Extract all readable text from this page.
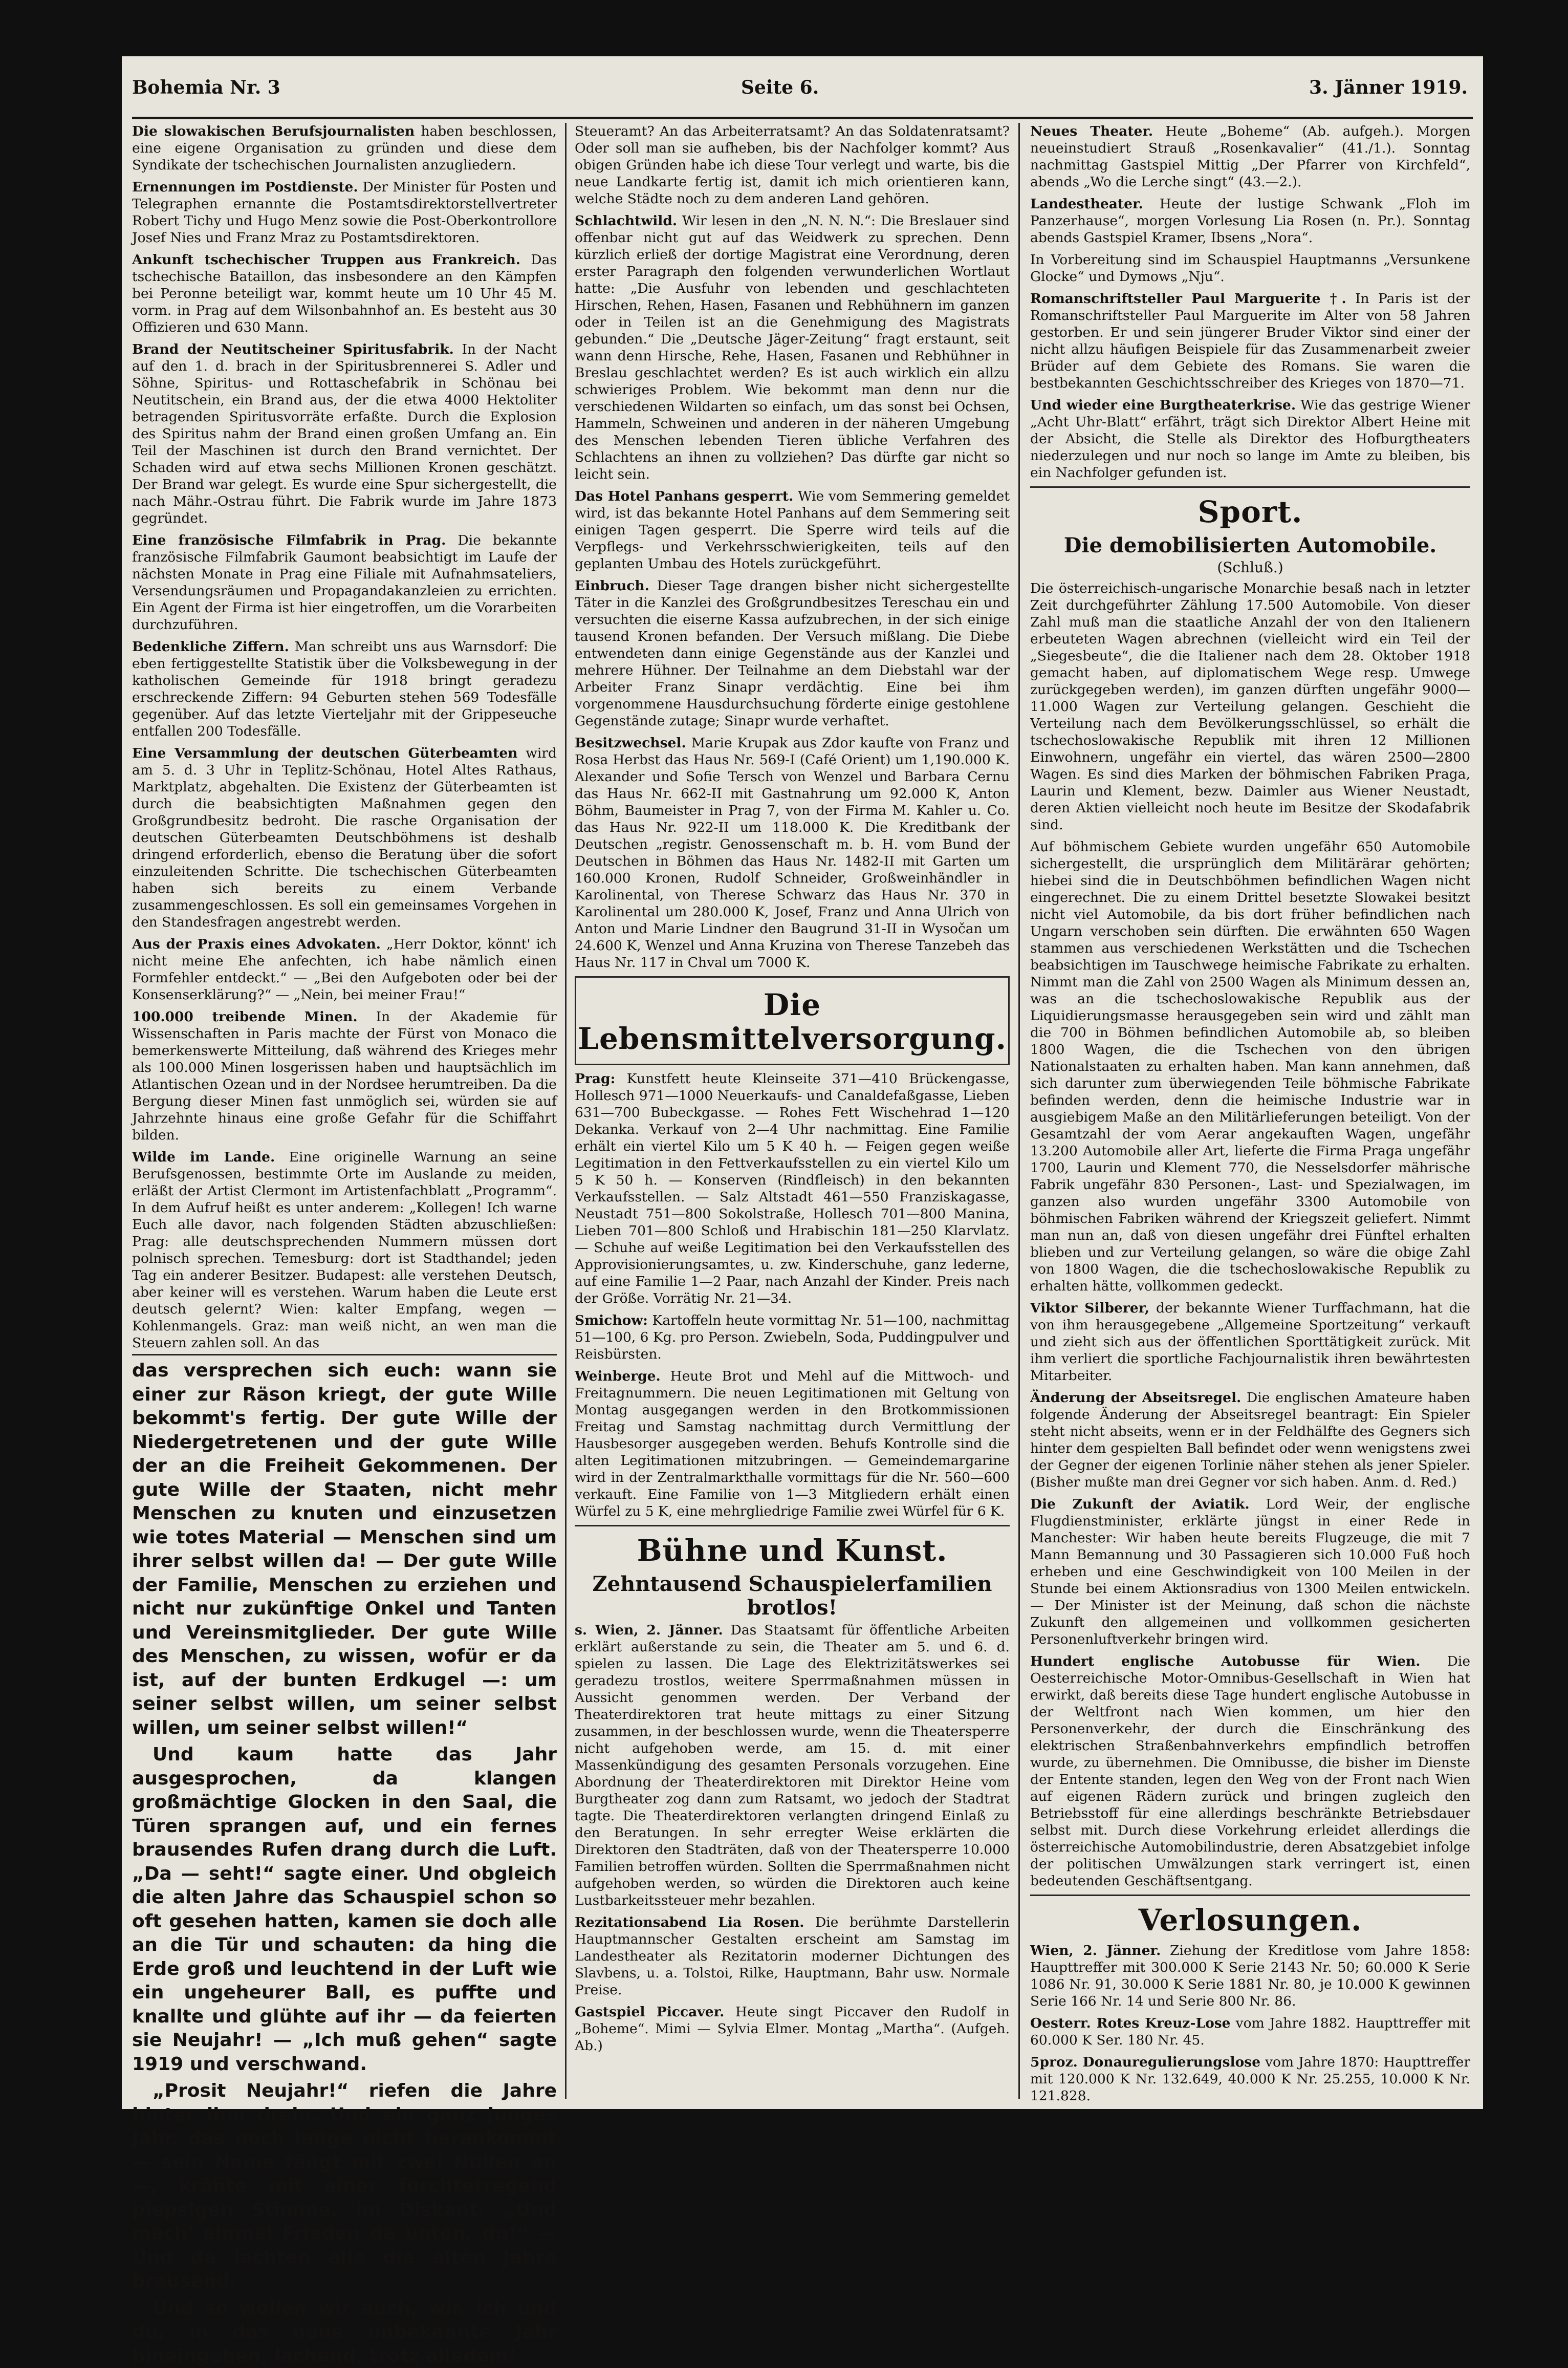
Bohemia Nr. 3	Seite 6.	3. Jänner 1919.

Die slowakischen Berufsjournalisten haben beschlossen, eine eigene Organisation zu gründen und diese dem Syndikate der tschechischen Journalisten anzugliedern.

Ernennungen im Postdienste. Der Minister für Posten und Telegraphen ernannte die Postamtsdirektorstellvertreter Robert Tichy und Hugo Menz sowie die Post-Oberkontrollore Josef Nies und Franz Mraz zu Postamtsdirektoren.

Ankunft tschechischer Truppen aus Frankreich. Das tschechische Bataillon, das insbesondere an den Kämpfen bei Peronne beteiligt war, kommt heute um 10 Uhr 45 M. vorm. in Prag auf dem Wilsonbahnhof an. Es besteht aus 30 Offizieren und 630 Mann.

Brand der Neutitscheiner Spiritusfabrik. In der Nacht auf den 1. d. brach in der Spiritusbrennerei S. Adler und Söhne, Spiritus- und Rottaschefabrik in Schönau bei Neutitschein, ein Brand aus, der die etwa 4000 Hektoliter betragenden Spiritusvorräte erfaßte. Durch die Explosion des Spiritus nahm der Brand einen großen Umfang an. Ein Teil der Maschinen ist durch den Brand vernichtet. Der Schaden wird auf etwa sechs Millionen Kronen geschätzt. Der Brand war gelegt. Es wurde eine Spur sichergestellt, die nach Mähr.-Ostrau führt. Die Fabrik wurde im Jahre 1873 gegründet.

Eine französische Filmfabrik in Prag. Die bekannte französische Filmfabrik Gaumont beabsichtigt im Laufe der nächsten Monate in Prag eine Filiale mit Aufnahmsateliers, Versendungsräumen und Propagandakanzleien zu errichten. Ein Agent der Firma ist hier eingetroffen, um die Vorarbeiten durchzuführen.

Bedenkliche Ziffern. Man schreibt uns aus Warnsdorf: Die eben fertiggestellte Statistik über die Volksbewegung in der katholischen Gemeinde für 1918 bringt geradezu erschreckende Ziffern: 94 Geburten stehen 569 Todesfälle gegenüber. Auf das letzte Vierteljahr mit der Grippeseuche entfallen 200 Todesfälle.

Eine Versammlung der deutschen Güterbeamten wird am 5. d. 3 Uhr in Teplitz-Schönau, Hotel Altes Rathaus, Marktplatz, abgehalten. Die Existenz der Güterbeamten ist durch die beabsichtigten Maßnahmen gegen den Großgrundbesitz bedroht. Die rasche Organisation der deutschen Güterbeamten Deutschböhmens ist deshalb dringend erforderlich, ebenso die Beratung über die sofort einzuleitenden Schritte. Die tschechischen Güterbeamten haben sich bereits zu einem Verbande zusammengeschlossen. Es soll ein gemeinsames Vorgehen in den Standesfragen angestrebt werden.

Aus der Praxis eines Advokaten. „Herr Doktor, könnt' ich nicht meine Ehe anfechten, ich habe nämlich einen Formfehler entdeckt.“ — „Bei den Aufgeboten oder bei der Konsenserklärung?“ — „Nein, bei meiner Frau!“

100.000 treibende Minen. In der Akademie für Wissenschaften in Paris machte der Fürst von Monaco die bemerkenswerte Mitteilung, daß während des Krieges mehr als 100.000 Minen losgerissen haben und hauptsächlich im Atlantischen Ozean und in der Nordsee herumtreiben. Da die Bergung dieser Minen fast unmöglich sei, würden sie auf Jahrzehnte hinaus eine große Gefahr für die Schiffahrt bilden.

Wilde im Lande. Eine originelle Warnung an seine Berufsgenossen, bestimmte Orte im Auslande zu meiden, erläßt der Artist Clermont im Artistenfachblatt „Programm“. In dem Aufruf heißt es unter anderem: „Kollegen! Ich warne Euch alle davor, nach folgenden Städten abzuschließen: Prag: alle deutschsprechenden Nummern müssen dort polnisch sprechen. Temesburg: dort ist Stadthandel; jeden Tag ein anderer Besitzer. Budapest: alle verstehen Deutsch, aber keiner will es verstehen. Warum haben die Leute erst deutsch gelernt? Wien: kalter Empfang, wegen — Kohlenmangels. Graz: man weiß nicht, an wen man die Steuern zahlen soll. An das

das versprechen sich euch: wann sie einer zur Räson kriegt, der gute Wille bekommt's fertig. Der gute Wille der Niedergetretenen und der gute Wille der an die Freiheit Gekommenen. Der gute Wille der Staaten, nicht mehr Menschen zu knuten und einzusetzen wie totes Material — Menschen sind um ihrer selbst willen da! — Der gute Wille der Familie, Menschen zu erziehen und nicht nur zukünftige Onkel und Tanten und Vereinsmitglieder. Der gute Wille des Menschen, zu wissen, wofür er da ist, auf der bunten Erdkugel —: um seiner selbst willen, um seiner selbst willen, um seiner selbst willen!“

Und kaum hatte das Jahr ausgesprochen, da klangen großmächtige Glocken in den Saal, die Türen sprangen auf, und ein fernes brausendes Rufen drang durch die Luft. „Da — seht!“ sagte einer. Und obgleich die alten Jahre das Schauspiel schon so oft gesehen hatten, kamen sie doch alle an die Tür und schauten: da hing die Erde groß und leuchtend in der Luft wie ein ungeheurer Ball, es puffte und knallte und glühte auf ihr — da feierten sie Neujahr! — „Ich muß gehen“ sagte 1919 und verschwand.

„Prosit Neujahr!“ riefen die Jahre hinter ihm drein. Und ein ganz junges Jahr, das noch lange nicht herankommt — sein Name fängt mit zwei Nullen an —, krähte mit einer furchterregend piepsigen Stimme, im Diskant: „Und mach' einmal Frieden da unten, du!“ — Und da lachten alle die alten Jahre brausend.

Und so wollen wir auch, wir, ich und du, in das neue unbekannte Jahr hineingehen, lachend, trotz alledem!

Steueramt? An das Arbeiterratsamt? An das Soldatenratsamt? Oder soll man sie aufheben, bis der Nachfolger kommt? Aus obigen Gründen habe ich diese Tour verlegt und warte, bis die neue Landkarte fertig ist, damit ich mich orientieren kann, welche Städte noch zu dem anderen Land gehören.

Schlachtwild. Wir lesen in den „N. N. N.“: Die Breslauer sind offenbar nicht gut auf das Weidwerk zu sprechen. Denn kürzlich erließ der dortige Magistrat eine Verordnung, deren erster Paragraph den folgenden verwunderlichen Wortlaut hatte: „Die Ausfuhr von lebenden und geschlachteten Hirschen, Rehen, Hasen, Fasanen und Rebhühnern im ganzen oder in Teilen ist an die Genehmigung des Magistrats gebunden.“ Die „Deutsche Jäger-Zeitung“ fragt erstaunt, seit wann denn Hirsche, Rehe, Hasen, Fasanen und Rebhühner in Breslau geschlachtet werden? Es ist auch wirklich ein allzu schwieriges Problem. Wie bekommt man denn nur die verschiedenen Wildarten so einfach, um das sonst bei Ochsen, Hammeln, Schweinen und anderen in der näheren Umgebung des Menschen lebenden Tieren übliche Verfahren des Schlachtens an ihnen zu vollziehen? Das dürfte gar nicht so leicht sein.

Das Hotel Panhans gesperrt. Wie vom Semmering gemeldet wird, ist das bekannte Hotel Panhans auf dem Semmering seit einigen Tagen gesperrt. Die Sperre wird teils auf die Verpflegs- und Verkehrsschwierigkeiten, teils auf den geplanten Umbau des Hotels zurückgeführt.

Einbruch. Dieser Tage drangen bisher nicht sichergestellte Täter in die Kanzlei des Großgrundbesitzes Tereschau ein und versuchten die eiserne Kassa aufzubrechen, in der sich einige tausend Kronen befanden. Der Versuch mißlang. Die Diebe entwendeten dann einige Gegenstände aus der Kanzlei und mehrere Hühner. Der Teilnahme an dem Diebstahl war der Arbeiter Franz Sinapr verdächtig. Eine bei ihm vorgenommene Hausdurchsuchung förderte einige gestohlene Gegenstände zutage; Sinapr wurde verhaftet.

Besitzwechsel. Marie Krupak aus Zdor kaufte von Franz und Rosa Herbst das Haus Nr. 569-I (Café Orient) um 1,190.000 K. Alexander und Sofie Tersch von Wenzel und Barbara Cernu das Haus Nr. 662-II mit Gastnahrung um 92.000 K, Anton Böhm, Baumeister in Prag 7, von der Firma M. Kahler u. Co. das Haus Nr. 922-II um 118.000 K. Die Kreditbank der Deutschen „registr. Genossenschaft m. b. H. vom Bund der Deutschen in Böhmen das Haus Nr. 1482-II mit Garten um 160.000 Kronen, Rudolf Schneider, Großweinhändler in Karolinental, von Therese Schwarz das Haus Nr. 370 in Karolinental um 280.000 K, Josef, Franz und Anna Ulrich von Anton und Marie Lindner den Baugrund 31-II in Wysočan um 24.600 K, Wenzel und Anna Kruzina von Therese Tanzebeh das Haus Nr. 117 in Chval um 7000 K.

Die Lebensmittelversorgung.

Prag: Kunstfett heute Kleinseite 371—410 Brückengasse, Hollesch 971—1000 Neuerkaufs- und Canaldefaßgasse, Lieben 631—700 Bubeckgasse. — Rohes Fett Wischehrad 1—120 Dekanka. Verkauf von 2—4 Uhr nachmittag. Eine Familie erhält ein viertel Kilo um 5 K 40 h. — Feigen gegen weiße Legitimation in den Fettverkaufsstellen zu ein viertel Kilo um 5 K 50 h. — Konserven (Rindfleisch) in den bekannten Verkaufsstellen. — Salz Altstadt 461—550 Franziskagasse, Neustadt 751—800 Sokolstraße, Hollesch 701—800 Manina, Lieben 701—800 Schloß und Hrabischin 181—250 Klarvlatz. — Schuhe auf weiße Legitimation bei den Verkaufsstellen des Approvisionierungsamtes, u. zw. Kinderschuhe, ganz lederne, auf eine Familie 1—2 Paar, nach Anzahl der Kinder. Preis nach der Größe. Vorrätig Nr. 21—34.

Smichow: Kartoffeln heute vormittag Nr. 51—100, nachmittag 51—100, 6 Kg. pro Person. Zwiebeln, Soda, Puddingpulver und Reisbürsten.

Weinberge. Heute Brot und Mehl auf die Mittwoch- und Freitagnummern. Die neuen Legitimationen mit Geltung von Montag ausgegangen werden in den Brotkommissionen Freitag und Samstag nachmittag durch Vermittlung der Hausbesorger ausgegeben werden. Behufs Kontrolle sind die alten Legitimationen mitzubringen. — Gemeindemargarine wird in der Zentralmarkthalle vormittags für die Nr. 560—600 verkauft. Eine Familie von 1—3 Mitgliedern erhält einen Würfel zu 5 K, eine mehrgliedrige Familie zwei Würfel für 6 K.

Bühne und Kunst.
Zehntausend Schauspielerfamilien brotlos!

s. Wien, 2. Jänner. Das Staatsamt für öffentliche Arbeiten erklärt außerstande zu sein, die Theater am 5. und 6. d. spielen zu lassen. Die Lage des Elektrizitätswerkes sei geradezu trostlos, weitere Sperrmaßnahmen müssen in Aussicht genommen werden. Der Verband der Theaterdirektoren trat heute mittags zu einer Sitzung zusammen, in der beschlossen wurde, wenn die Theatersperre nicht aufgehoben werde, am 15. d. mit einer Massenkündigung des gesamten Personals vorzugehen. Eine Abordnung der Theaterdirektoren mit Direktor Heine vom Burgtheater zog dann zum Ratsamt, wo jedoch der Stadtrat tagte. Die Theaterdirektoren verlangten dringend Einlaß zu den Beratungen. In sehr erregter Weise erklärten die Direktoren den Stadträten, daß von der Theatersperre 10.000 Familien betroffen würden. Sollten die Sperrmaßnahmen nicht aufgehoben werden, so würden die Direktoren auch keine Lustbarkeitssteuer mehr bezahlen.

Rezitationsabend Lia Rosen. Die berühmte Darstellerin Hauptmannscher Gestalten erscheint am Samstag im Landestheater als Rezitatorin moderner Dichtungen des Slavbens, u. a. Tolstoi, Rilke, Hauptmann, Bahr usw. Normale Preise.

Gastspiel Piccaver. Heute singt Piccaver den Rudolf in „Boheme“. Mimi — Sylvia Elmer. Montag „Martha“. (Aufgeh. Ab.)

Neues Theater. Heute „Boheme“ (Ab. aufgeh.). Morgen neueinstudiert Strauß „Rosenkavalier“ (41./1.). Sonntag nachmittag Gastspiel Mittig „Der Pfarrer von Kirchfeld“, abends „Wo die Lerche singt“ (43.—2.).

Landestheater. Heute der lustige Schwank „Floh im Panzerhause“, morgen Vorlesung Lia Rosen (n. Pr.). Sonntag abends Gastspiel Kramer, Ibsens „Nora“.

In Vorbereitung sind im Schauspiel Hauptmanns „Versunkene Glocke“ und Dymows „Nju“.

Romanschriftsteller Paul Marguerite †. In Paris ist der Romanschriftsteller Paul Marguerite im Alter von 58 Jahren gestorben. Er und sein jüngerer Bruder Viktor sind einer der nicht allzu häufigen Beispiele für das Zusammenarbeit zweier Brüder auf dem Gebiete des Romans. Sie waren die bestbekannten Geschichtsschreiber des Krieges von 1870—71.

Und wieder eine Burgtheaterkrise. Wie das gestrige Wiener „Acht Uhr-Blatt“ erfährt, trägt sich Direktor Albert Heine mit der Absicht, die Stelle als Direktor des Hofburgtheaters niederzulegen und nur noch so lange im Amte zu bleiben, bis ein Nachfolger gefunden ist.

Sport.
Die demobilisierten Automobile.

(Schluß.)

Die österreichisch-ungarische Monarchie besaß nach in letzter Zeit durchgeführter Zählung 17.500 Automobile. Von dieser Zahl muß man die staatliche Anzahl der von den Italienern erbeuteten Wagen abrechnen (vielleicht wird ein Teil der „Siegesbeute“, die die Italiener nach dem 28. Oktober 1918 gemacht haben, auf diplomatischem Wege resp. Umwege zurückgegeben werden), im ganzen dürften ungefähr 9000—11.000 Wagen zur Verteilung gelangen. Geschieht die Verteilung nach dem Bevölkerungsschlüssel, so erhält die tschechoslowakische Republik mit ihren 12 Millionen Einwohnern, ungefähr ein viertel, das wären 2500—2800 Wagen. Es sind dies Marken der böhmischen Fabriken Praga, Laurin und Klement, bezw. Daimler aus Wiener Neustadt, deren Aktien vielleicht noch heute im Besitze der Skodafabrik sind.

Auf böhmischem Gebiete wurden ungefähr 650 Automobile sichergestellt, die ursprünglich dem Militärärar gehörten; hiebei sind die in Deutschböhmen befindlichen Wagen nicht eingerechnet. Die zu einem Drittel besetzte Slowakei besitzt nicht viel Automobile, da bis dort früher befindlichen nach Ungarn verschoben sein dürften. Die erwähnten 650 Wagen stammen aus verschiedenen Werkstätten und die Tschechen beabsichtigen im Tauschwege heimische Fabrikate zu erhalten. Nimmt man die Zahl von 2500 Wagen als Minimum dessen an, was an die tschechoslowakische Republik aus der Liquidierungsmasse herausgegeben sein wird und zählt man die 700 in Böhmen befindlichen Automobile ab, so bleiben 1800 Wagen, die die Tschechen von den übrigen Nationalstaaten zu erhalten haben. Man kann annehmen, daß sich darunter zum überwiegenden Teile böhmische Fabrikate befinden werden, denn die heimische Industrie war in ausgiebigem Maße an den Militärlieferungen beteiligt. Von der Gesamtzahl der vom Aerar angekauften Wagen, ungefähr 13.200 Automobile aller Art, lieferte die Firma Praga ungefähr 1700, Laurin und Klement 770, die Nesselsdorfer mährische Fabrik ungefähr 830 Personen-, Last- und Spezialwagen, im ganzen also wurden ungefähr 3300 Automobile von böhmischen Fabriken während der Kriegszeit geliefert. Nimmt man nun an, daß von diesen ungefähr drei Fünftel erhalten blieben und zur Verteilung gelangen, so wäre die obige Zahl von 1800 Wagen, die die tschechoslowakische Republik zu erhalten hätte, vollkommen gedeckt.

Viktor Silberer, der bekannte Wiener Turffachmann, hat die von ihm herausgegebene „Allgemeine Sportzeitung“ verkauft und zieht sich aus der öffentlichen Sporttätigkeit zurück. Mit ihm verliert die sportliche Fachjournalistik ihren bewährtesten Mitarbeiter.

Änderung der Abseitsregel. Die englischen Amateure haben folgende Änderung der Abseitsregel beantragt: Ein Spieler steht nicht abseits, wenn er in der Feldhälfte des Gegners sich hinter dem gespielten Ball befindet oder wenn wenigstens zwei der Gegner der eigenen Torlinie näher stehen als jener Spieler. (Bisher mußte man drei Gegner vor sich haben. Anm. d. Red.)

Die Zukunft der Aviatik. Lord Weir, der englische Flugdienstminister, erklärte jüngst in einer Rede in Manchester: Wir haben heute bereits Flugzeuge, die mit 7 Mann Bemannung und 30 Passagieren sich 10.000 Fuß hoch erheben und eine Geschwindigkeit von 100 Meilen in der Stunde bei einem Aktionsradius von 1300 Meilen entwickeln. — Der Minister ist der Meinung, daß schon die nächste Zukunft den allgemeinen und vollkommen gesicherten Personenluftverkehr bringen wird.

Hundert englische Autobusse für Wien. Die Oesterreichische Motor-Omnibus-Gesellschaft in Wien hat erwirkt, daß bereits diese Tage hundert englische Autobusse in der Weltfront nach Wien kommen, um hier den Personenverkehr, der durch die Einschränkung des elektrischen Straßenbahnverkehrs empfindlich betroffen wurde, zu übernehmen. Die Omnibusse, die bisher im Dienste der Entente standen, legen den Weg von der Front nach Wien auf eigenen Rädern zurück und bringen zugleich den Betriebsstoff für eine allerdings beschränkte Betriebsdauer selbst mit. Durch diese Vorkehrung erleidet allerdings die österreichische Automobilindustrie, deren Absatzgebiet infolge der politischen Umwälzungen stark verringert ist, einen bedeutenden Geschäftsentgang.

Verlosungen.

Wien, 2. Jänner. Ziehung der Kreditlose vom Jahre 1858: Haupttreffer mit 300.000 K Serie 2143 Nr. 50; 60.000 K Serie 1086 Nr. 91, 30.000 K Serie 1881 Nr. 80, je 10.000 K gewinnen Serie 166 Nr. 14 und Serie 800 Nr. 86.

Oesterr. Rotes Kreuz-Lose vom Jahre 1882. Haupttreffer mit 60.000 K Ser. 180 Nr. 45.

5proz. Donauregulierungslose vom Jahre 1870: Haupttreffer mit 120.000 K Nr. 132.649, 40.000 K Nr. 25.255, 10.000 K Nr. 121.828.
